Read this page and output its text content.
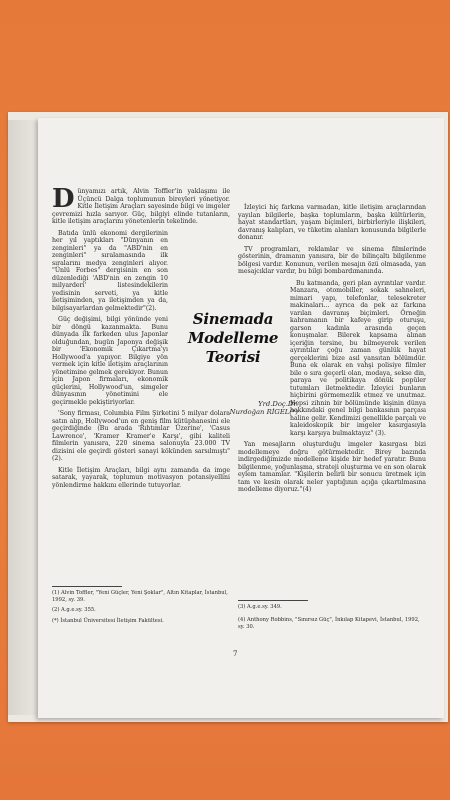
Dünyamızı artık, Alvin Toffler'in yaklaşımı ile Üçüncü Dalga toplumunun bireyleri yönetiyor. Kitle İletişim Araçları sayesinde bilgi ve imgeler çevremizi hızla sarıyor. Güç, bilgiyi elinde tutanların, kitle iletişim araçlarını yönetenlerin tekelinde.

Batıda ünlü ekonomi dergilerinin her yıl yaptıkları "Dünyanın en zenginleri" ya da "ABD'nin en zenginleri" sıralamasında ilk sıralarını medya zenginleri alıyor. "Ünlü Forbes" dergisinin en son düzenlediği 'ABD'nin en zengin 10 milyarderi' listesindekilerin yedisinin serveti, ya kitle iletişiminden, ya iletişimden ya da, bilgisayarlardan gelmektedir"(2).

Güç değişimi, bilgi yönünde yeni bir döngü kazanmakta. Bunu dünyada ilk farkeden ulus Japonlar olduğundan, bugün Japonya değişik bir 'Ekonomik Çıkartma'yı Hollywood'a yapıyor. Bilgiye yön vermek için kitle iletişim araçlarının yönetimine gelmek gerekiyor. Bunun için Japon firmaları, ekonomik güçlerini, Hollywood'un, simgeler dünyasının yönetimini ele geçirmekle pekiştiriyorlar.

'Sony firması, Columbia Film Şirketini 5 milyar dolara satın alıp, Hollywood'un en geniş film kütüphanesini ele geçirdiğinde (Bu arada 'Rıhtımlar Üzerine', 'Casus Lawrence', 'Kramer Kramer'e Karşı', gibi kaliteli filmlerin yanısıra, 220 sinema salonuyla 23.000 TV dizisini ele geçirdi gösteri sanayi kökünden sarsılmıştı"(2).

Kitle İletişim Araçları, bilgi aynı zamanda da imge satarak, yayarak, toplumun motivasyon potansiyellini yönlendirme hakkını ellerinde tutuyorlar.

İzleyici hiç farkına varmadan, kitle iletişim araçlarından yayılan bilgilerle, başka toplumların, başka kültürlerin, hayat standartları, yaşam biçimleri, birbirleriyle ilişkileri, davranış kalıpları, ve tüketim alanları konusunda bilgilerle donanır.

TV programları, reklamlar ve sinema filmlerinde gösterinin, dramanın yanısıra, bir de bilinçaltı bilgilenme bölgesi vardır. Konunun, verilen mesajın özü olmasada, yan mesajcıklar vardır, bu bilgi bombardımanında.

Bu katmanda, geri plan ayrıntılar vardır. Manzara, otomobiller, sokak sahneleri, mimari yapı, telefonlar, telesekreter makinaları... ayrıca da pek az farkına varılan davranış biçimleri. Örneğin kahramanın bir kafeye girip oturuşu, garson kadınla arasında geçen konuşmalar. Bilerek kapsama alınan içeriğin tersine, bu bilmeyerek verilen ayrıntılar çoğu zaman günlük hayat gerçeklerini bize asıl yansıtan bölümdür. Buna ek olarak en vahşi polisiye filmler bile o sıra geçerli olan, modaya, sekse din, paraya ve politikaya dönük popüler tutumları iletmektedir. İzleyici bunların hiçbirini görmemezlik etmez ve unutmaz. Hepsi zihnin bir bölümünde kişinin dünya hakkındaki genel bilgi bankasının parçası haline gelir. Kendimizi genellikle parçalı ve kaleidoskopik bir imgeler kasırgasıyla karşı karşıya bulmaktayız" (3).

Yan mesajların oluşturduğu imgeler kasırgası bizi modellemeye doğru götürmektedir. Birey bazında indirgediğimizde modelleme kişide bir hedef yaratır. Bunu bilgilenme, yoğunlaşma, strateji oluşturma ve en son olarak eylem tamamlar. "Kişilerin belirli bir sonucu üretmek için tam ve kesin olarak neler yaptığının açığa çıkartılmasına modelleme diyoruz."(4)

Sinemada
Modelleme
Teorisi
Yrd.Doç.Dr.
Nurdoğan RİGEL(*)
(1) Alvin Toffler, "Yeni Güçler, Yeni Şoklar", Altın Kitaplar, İstanbul, 1992, sy. 39.
(2) A.g.e.sy. 355.
(*) İstanbul Üniversitesi İletişim Fakültesi.
(3) A.g.e.sy. 349.
(4) Anthony Robbins, "Sınırsız Güç", İnkılap Kitapevi, İstanbul, 1992, sy. 30.
7
